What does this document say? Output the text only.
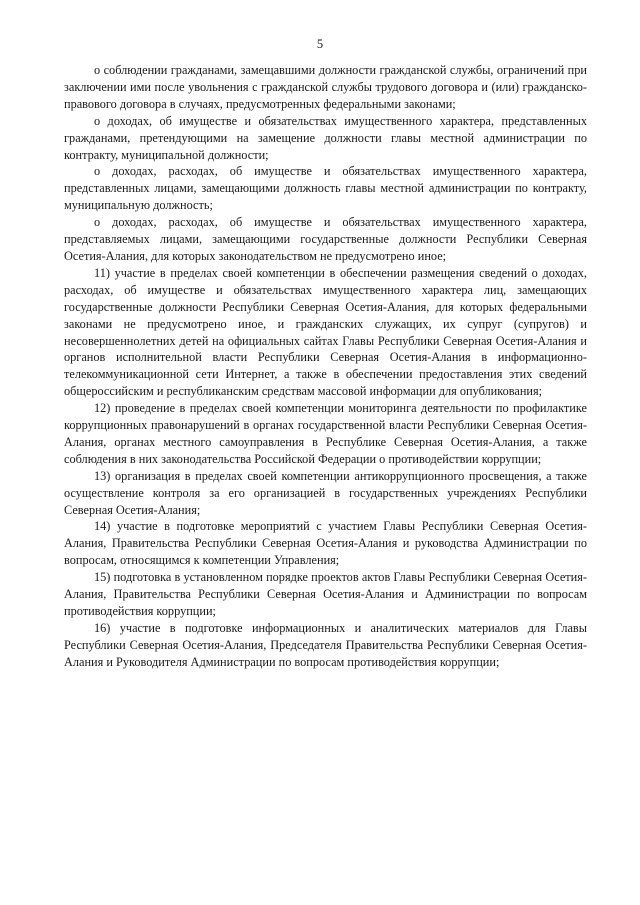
5

о соблюдении гражданами, замещавшими должности гражданской службы, ограничений при заключении ими после увольнения с гражданской службы трудового договора и (или) гражданско-правового договора в случаях, предусмотренных федеральными законами;

о доходах, об имуществе и обязательствах имущественного характера, представленных гражданами, претендующими на замещение должности главы местной администрации по контракту, муниципальной должности;

о доходах, расходах, об имуществе и обязательствах имущественного характера, представленных лицами, замещающими должность главы местной администрации по контракту, муниципальную должность;

о доходах, расходах, об имуществе и обязательствах имущественного характера, представляемых лицами, замещающими государственные должности Республики Северная Осетия-Алания, для которых законодательством не предусмотрено иное;

11) участие в пределах своей компетенции в обеспечении размещения сведений о доходах, расходах, об имуществе и обязательствах имущественного характера лиц, замещающих государственные должности Республики Северная Осетия-Алания, для которых федеральными законами не предусмотрено иное, и гражданских служащих, их супруг (супругов) и несовершеннолетних детей на официальных сайтах Главы Республики Северная Осетия-Алания и органов исполнительной власти Республики Северная Осетия-Алания в информационно-телекоммуникационной сети Интернет, а также в обеспечении предоставления этих сведений общероссийским и республиканским средствам массовой информации для опубликования;

12) проведение в пределах своей компетенции мониторинга деятельности по профилактике коррупционных правонарушений в органах государственной власти Республики Северная Осетия-Алания, органах местного самоуправления в Республике Северная Осетия-Алания, а также соблюдения в них законодательства Российской Федерации о противодействии коррупции;

13) организация в пределах своей компетенции антикоррупционного просвещения, а также осуществление контроля за его организацией в государственных учреждениях Республики Северная Осетия-Алания;

14) участие в подготовке мероприятий с участием Главы Республики Северная Осетия-Алания, Правительства Республики Северная Осетия-Алания и руководства Администрации по вопросам, относящимся к компетенции Управления;

15) подготовка в установленном порядке проектов актов Главы Республики Северная Осетия-Алания, Правительства Республики Северная Осетия-Алания и Администрации по вопросам противодействия коррупции;

16) участие в подготовке информационных и аналитических материалов для Главы Республики Северная Осетия-Алания, Председателя Правительства Республики Северная Осетия-Алания и Руководителя Администрации по вопросам противодействия коррупции;
